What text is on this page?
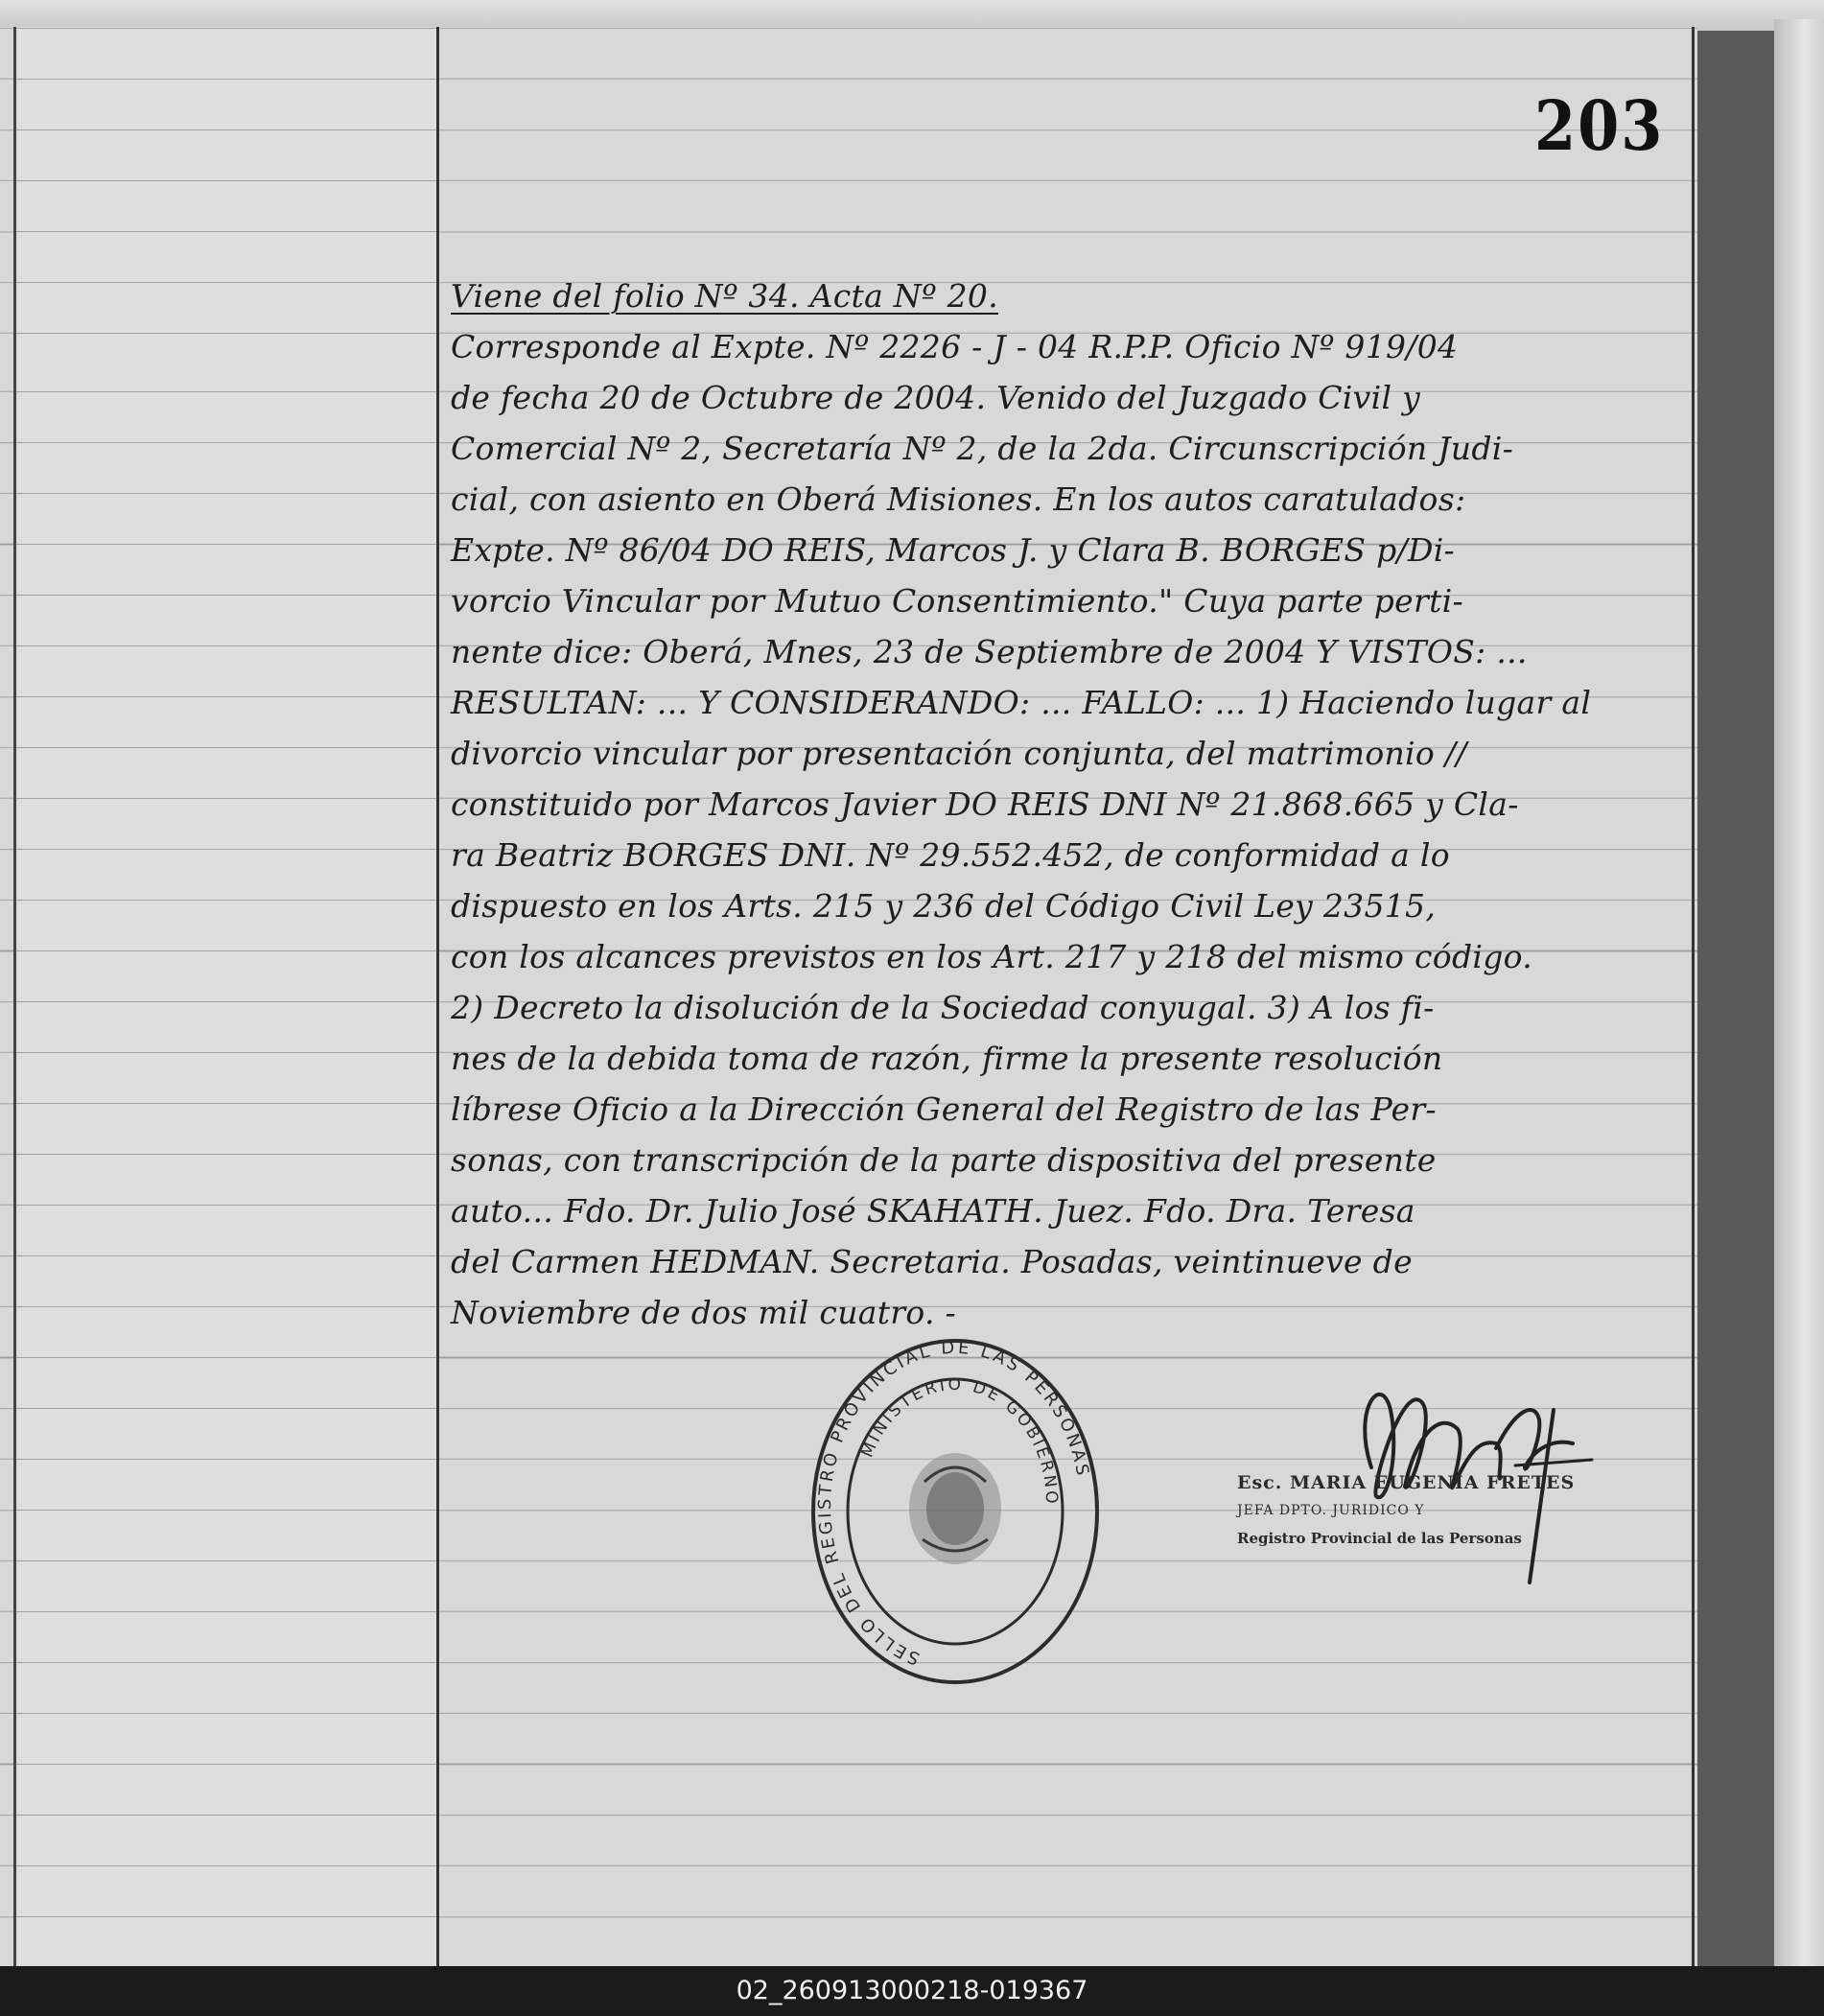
203
Viene del folio Nº 34. Acta Nº 20.
Corresponde al Expte. Nº 2226 - J - 04 R.P.P. Oficio Nº 919/04
de fecha 20 de Octubre de 2004. Venido del Juzgado Civil y
Comercial Nº 2, Secretaría Nº 2, de la 2da. Circunscripción Judi-
cial, con asiento en Oberá Misiones. En los autos caratulados:
Expte. Nº 86/04 DO REIS, Marcos J. y Clara B. BORGES p/Di-
vorcio Vincular por Mutuo Consentimiento." Cuya parte perti-
nente dice: Oberá, Mnes, 23 de Septiembre de 2004 Y VISTOS: ...
RESULTAN: ... Y CONSIDERANDO: ... FALLO: ... 1) Haciendo lugar al
divorcio vincular por presentación conjunta, del matrimonio //
constituido por Marcos Javier DO REIS DNI Nº 21.868.665 y Cla-
ra Beatriz BORGES DNI. Nº 29.552.452, de conformidad a lo
dispuesto en los Arts. 215 y 236 del Código Civil Ley 23515,
con los alcances previstos en los Art. 217 y 218 del mismo código.
2) Decreto la disolución de la Sociedad conyugal. 3) A los fi-
nes de la debida toma de razón, firme la presente resolución
líbrese Oficio a la Dirección General del Registro de las Per-
sonas, con transcripción de la parte dispositiva del presente
auto... Fdo. Dr. Julio José SKAHATH. Juez. Fdo. Dra. Teresa
del Carmen HEDMAN. Secretaria. Posadas, veintinueve de
Noviembre de dos mil cuatro. -
SELLO DEL REGISTRO PROVINCIAL DE LAS PERSONAS
MINISTERIO DE GOBIERNO
Esc. MARIA EUGENIA FRETES
JEFA DPTO. JURIDICO Y
Registro Provincial de las Personas
02_260913000218-019367
